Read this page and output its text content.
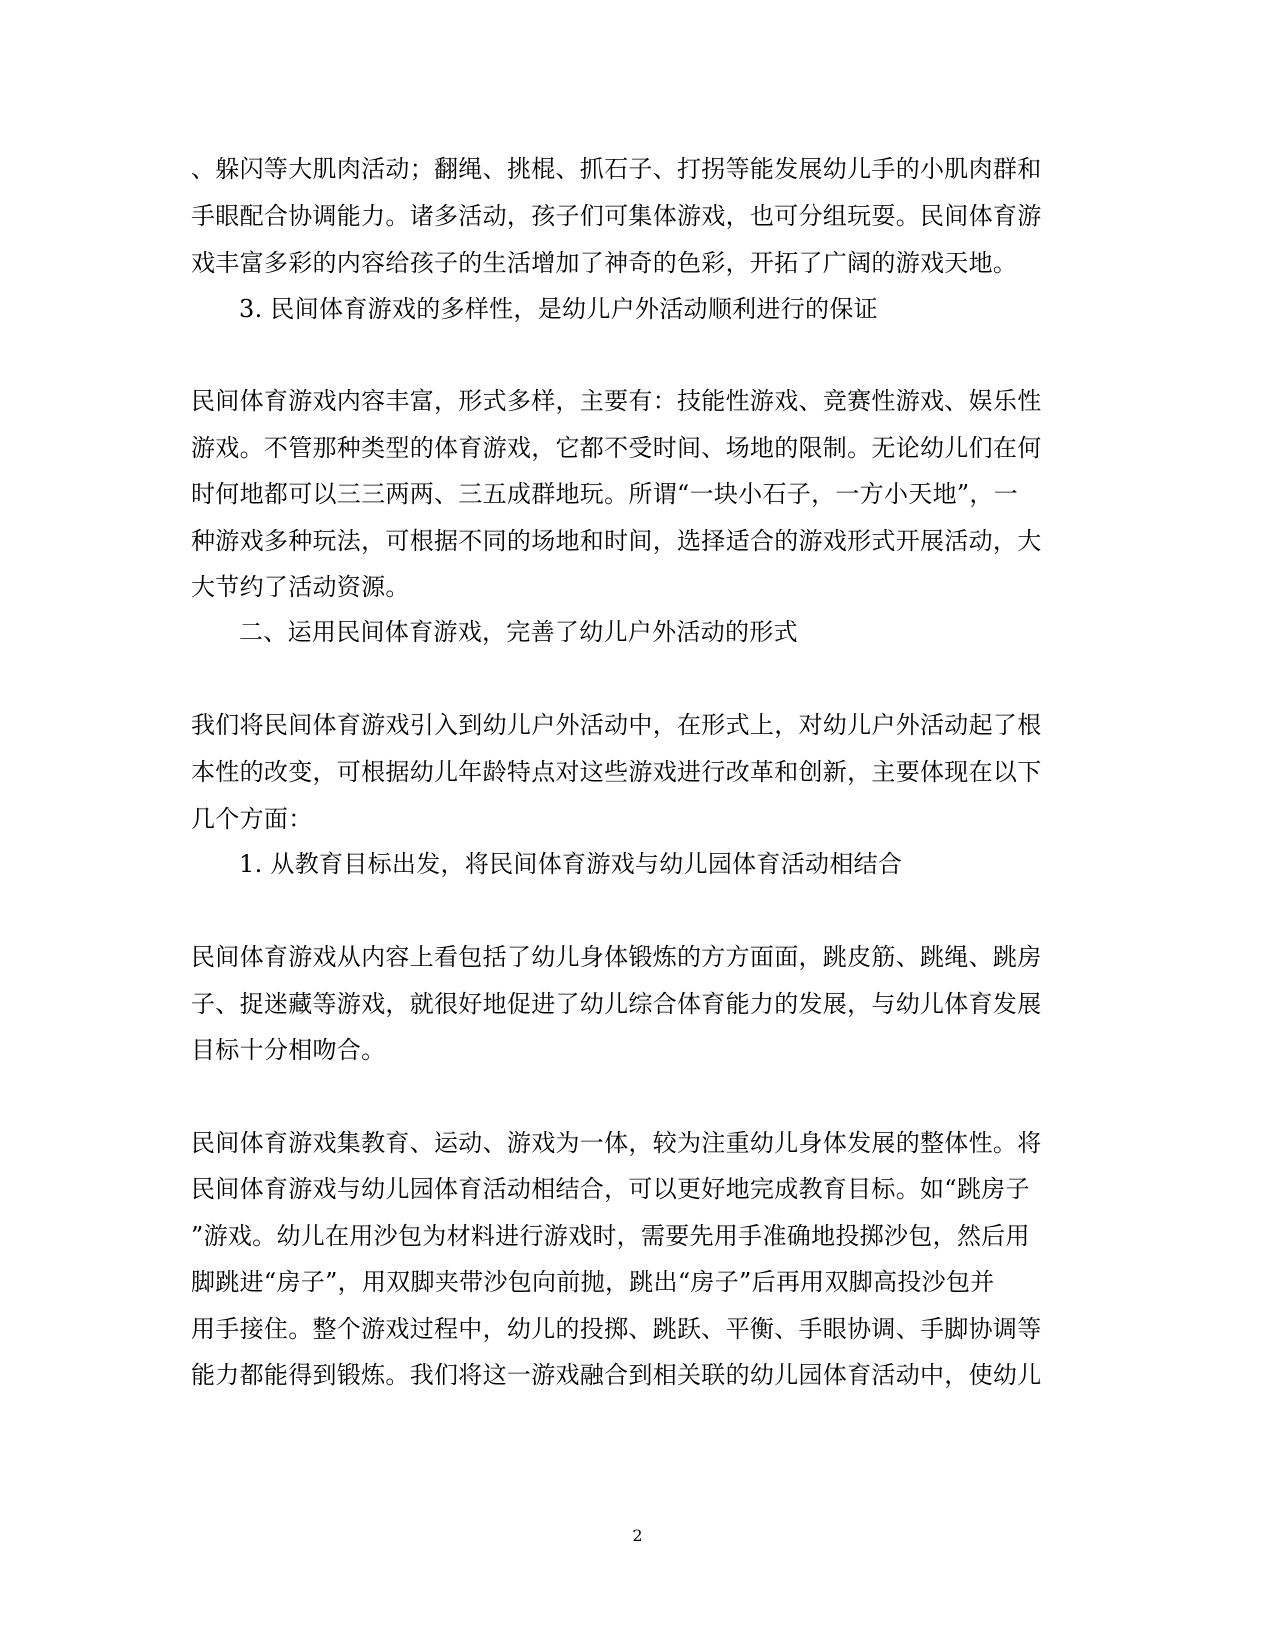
、躲闪等大肌肉活动；翻绳、挑棍、抓石子、打拐等能发展幼儿手的小肌肉群和
手眼配合协调能力。诸多活动，孩子们可集体游戏，也可分组玩耍。民间体育游
戏丰富多彩的内容给孩子的生活增加了神奇的色彩，开拓了广阔的游戏天地。
3. 民间体育游戏的多样性，是幼儿户外活动顺利进行的保证
民间体育游戏内容丰富，形式多样，主要有：技能性游戏、竞赛性游戏、娱乐性
游戏。不管那种类型的体育游戏，它都不受时间、场地的限制。无论幼儿们在何
时何地都可以三三两两、三五成群地玩。所谓“一块小石子，一方小天地”，一
种游戏多种玩法，可根据不同的场地和时间，选择适合的游戏形式开展活动，大
大节约了活动资源。
二、运用民间体育游戏，完善了幼儿户外活动的形式
我们将民间体育游戏引入到幼儿户外活动中，在形式上，对幼儿户外活动起了根
本性的改变，可根据幼儿年龄特点对这些游戏进行改革和创新，主要体现在以下
几个方面：
1. 从教育目标出发，将民间体育游戏与幼儿园体育活动相结合
民间体育游戏从内容上看包括了幼儿身体锻炼的方方面面，跳皮筋、跳绳、跳房
子、捉迷藏等游戏，就很好地促进了幼儿综合体育能力的发展，与幼儿体育发展
目标十分相吻合。
民间体育游戏集教育、运动、游戏为一体，较为注重幼儿身体发展的整体性。将
民间体育游戏与幼儿园体育活动相结合，可以更好地完成教育目标。如“跳房子
”游戏。幼儿在用沙包为材料进行游戏时，需要先用手准确地投掷沙包，然后用
脚跳进“房子”，用双脚夹带沙包向前抛，跳出“房子”后再用双脚高投沙包并
用手接住。整个游戏过程中，幼儿的投掷、跳跃、平衡、手眼协调、手脚协调等
能力都能得到锻炼。我们将这一游戏融合到相关联的幼儿园体育活动中，使幼儿
2
